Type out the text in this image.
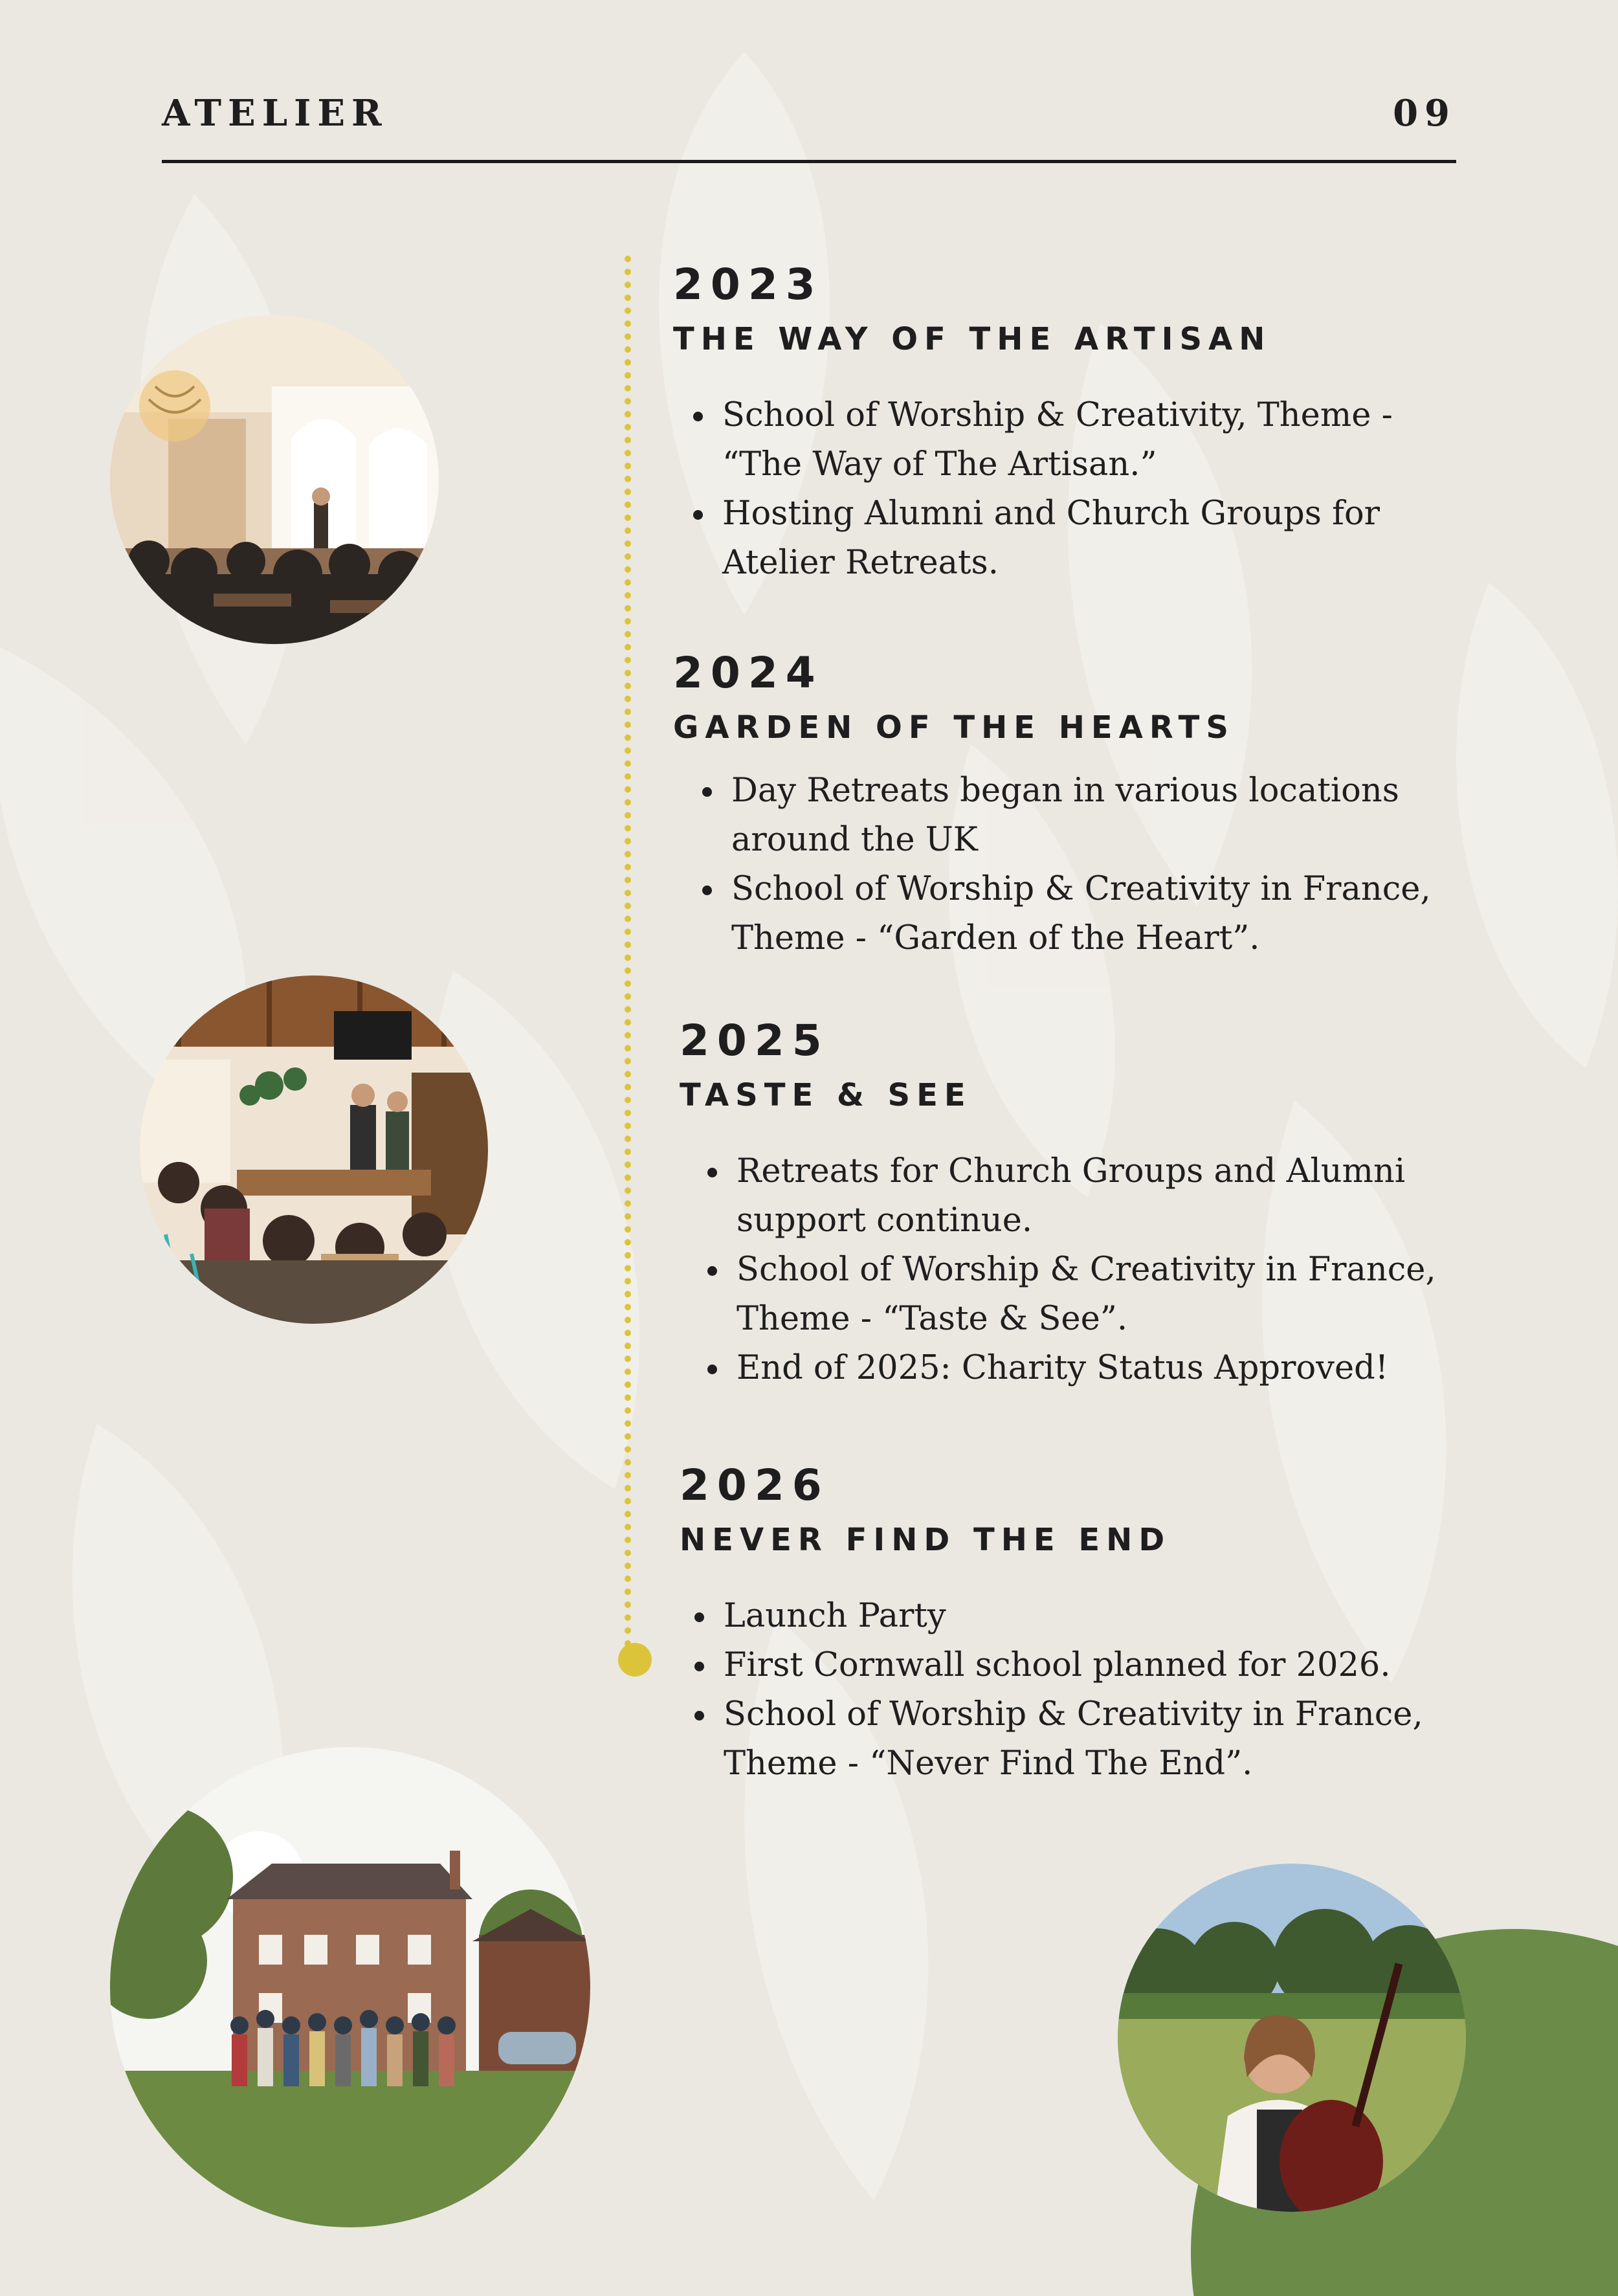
ATELIER	09
2023
THE WAY OF THE ARTISAN
• School of Worship & Creativity, Theme - “The Way of The Artisan.”
• Hosting Alumni and Church Groups for Atelier Retreats.
2024
GARDEN OF THE HEARTS
• Day Retreats began in various locations around the UK
• School of Worship & Creativity in France, Theme - “Garden of the Heart”.
2025
TASTE & SEE
• Retreats for Church Groups and Alumni support continue.
• School of Worship & Creativity in France, Theme - “Taste & See”.
• End of 2025: Charity Status Approved!
2026
NEVER FIND THE END
• Launch Party
• First Cornwall school planned for 2026.
• School of Worship & Creativity in France, Theme - “Never Find The End”.
